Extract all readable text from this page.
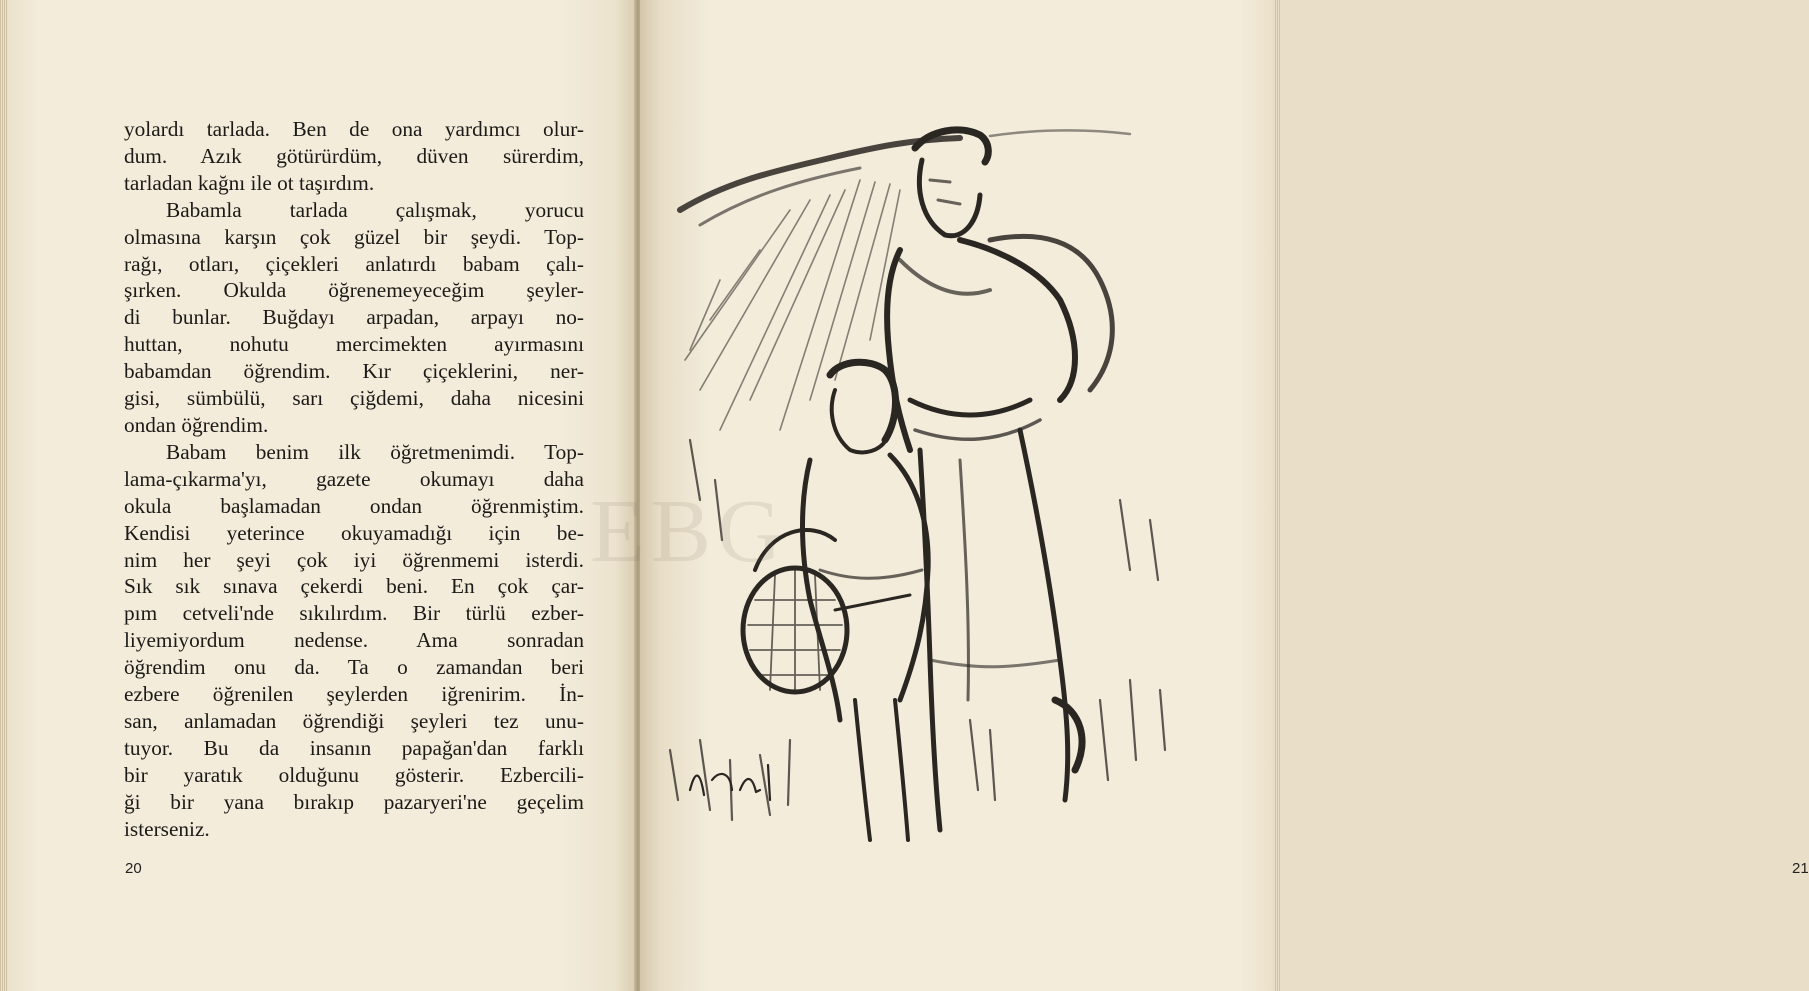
yolardı tarlada. Ben de ona yardımcı olur-
dum. Azık götürürdüm, düven sürerdim,
tarladan kağnı ile ot taşırdım.
Babamla tarlada çalışmak, yorucu
olmasına karşın çok güzel bir şeydi. Top-
rağı, otları, çiçekleri anlatırdı babam çalı-
şırken. Okulda öğrenemeyeceğim şeyler-
di bunlar. Buğdayı arpadan, arpayı no-
huttan, nohutu mercimekten ayırmasını
babamdan öğrendim. Kır çiçeklerini, ner-
gisi, sümbülü, sarı çiğdemi, daha nicesini
ondan öğrendim.
Babam benim ilk öğretmenimdi. Top-
lama-çıkarma'yı, gazete okumayı daha
okula başlamadan ondan öğrenmiştim.
Kendisi yeterince okuyamadığı için be-
nim her şeyi çok iyi öğrenmemi isterdi.
Sık sık sınava çekerdi beni. En çok çar-
pım cetveli'nde sıkılırdım. Bir türlü ezber-
liyemiyordum nedense. Ama sonradan
öğrendim onu da. Ta o zamandan beri
ezbere öğrenilen şeylerden iğrenirim. İn-
san, anlamadan öğrendiği şeyleri tez unu-
tuyor. Bu da insanın papağan'dan farklı
bir yaratık olduğunu gösterir. Ezbercili-
ği bir yana bırakıp pazaryeri'ne geçelim
isterseniz.
20	21
EBG
